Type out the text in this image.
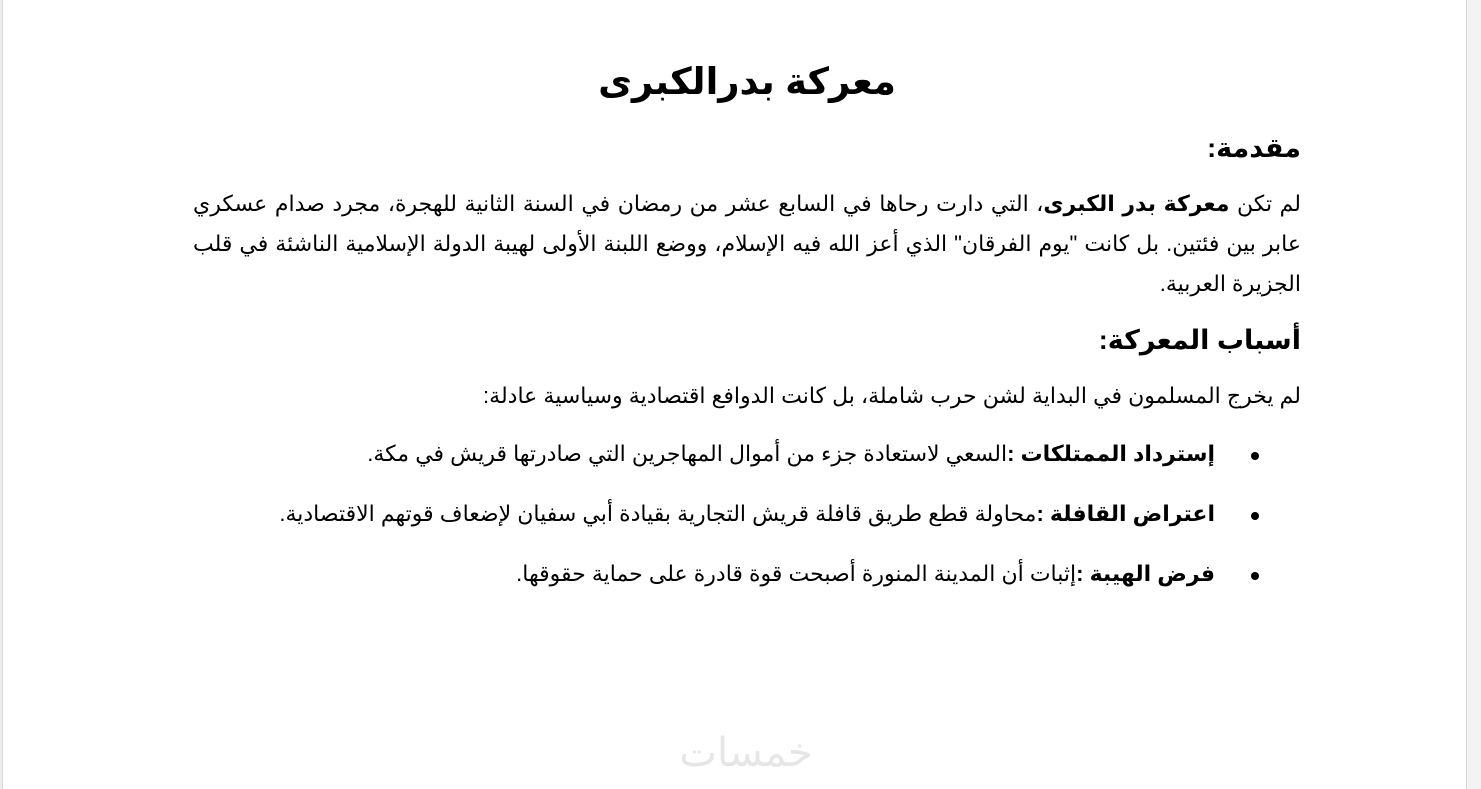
معركة بدرالكبرى
مقدمة:

لم تكن معركة بدر الكبرى، التي دارت رحاها في السابع عشر من رمضان في السنة الثانية للهجرة، مجرد صدام عسكري عابر بين فئتين. بل كانت "يوم الفرقان" الذي أعز الله فيه الإسلام، ووضع اللبنة الأولى لهيبة الدولة الإسلامية الناشئة في قلب الجزيرة العربية.

أسباب المعركة:

لم يخرج المسلمون في البداية لشن حرب شاملة، بل كانت الدوافع اقتصادية وسياسية عادلة:

إسترداد الممتلكات :السعي لاستعادة جزء من أموال المهاجرين التي صادرتها قريش في مكة.
اعتراض القافلة :محاولة قطع طريق قافلة قريش التجارية بقيادة أبي سفيان لإضعاف قوتهم الاقتصادية.
فرض الهيبة :إثبات أن المدينة المنورة أصبحت قوة قادرة على حماية حقوقها.
خمسات
